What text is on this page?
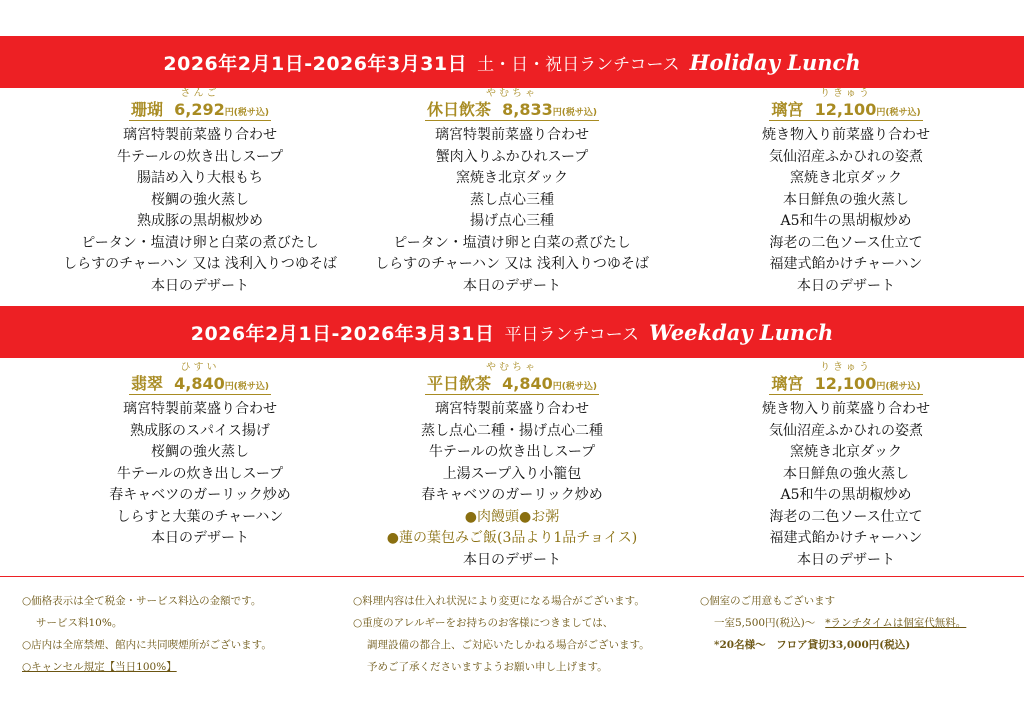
2026年2月1日-2026年3月31日 土・日・祝日ランチコース Holiday Lunch
さんご
珊瑚 6,292円(税サ込)
璃宮特製前菜盛り合わせ
牛テールの炊き出しスープ
腸詰め入り大根もち
桜鯛の強火蒸し
熟成豚の黒胡椒炒め
ピータン・塩漬け卵と白菜の煮びたし
しらすのチャーハン 又は 浅利入りつゆそば
本日のデザート
やむちゃ
休日飲茶 8,833円(税サ込)
璃宮特製前菜盛り合わせ
蟹肉入りふかひれスープ
窯焼き北京ダック
蒸し点心三種
揚げ点心三種
ピータン・塩漬け卵と白菜の煮びたし
しらすのチャーハン 又は 浅利入りつゆそば
本日のデザート
りきゅう
璃宮 12,100円(税サ込)
焼き物入り前菜盛り合わせ
気仙沼産ふかひれの姿煮
窯焼き北京ダック
本日鮮魚の強火蒸し
A5和牛の黒胡椒炒め
海老の二色ソース仕立て
福建式餡かけチャーハン
本日のデザート
2026年2月1日-2026年3月31日 平日ランチコース Weekday Lunch
ひすい
翡翠 4,840円(税サ込)
璃宮特製前菜盛り合わせ
熟成豚のスパイス揚げ
桜鯛の強火蒸し
牛テールの炊き出しスープ
春キャベツのガーリック炒め
しらすと大葉のチャーハン
本日のデザート
やむちゃ
平日飲茶 4,840円(税サ込)
璃宮特製前菜盛り合わせ
蒸し点心二種・揚げ点心二種
牛テールの炊き出しスープ
上湯スープ入り小籠包
春キャベツのガーリック炒め
●肉饅頭●お粥
●蓮の葉包みご飯(3品より1品チョイス)
本日のデザート
りきゅう
璃宮 12,100円(税サ込)
焼き物入り前菜盛り合わせ
気仙沼産ふかひれの姿煮
窯焼き北京ダック
本日鮮魚の強火蒸し
A5和牛の黒胡椒炒め
海老の二色ソース仕立て
福建式餡かけチャーハン
本日のデザート
○価格表示は全て税金・サービス料込の金額です。
サービス料10%。
○店内は全席禁煙、館内に共同喫煙所がございます。
○キャンセル規定【当日100%】
○料理内容は仕入れ状況により変更になる場合がございます。
○重度のアレルギーをお持ちのお客様につきましては、
調理設備の都合上、ご対応いたしかねる場合がございます。
予めご了承くださいますようお願い申し上げます。
○個室のご用意もございます
一室5,500円(税込)〜 *ランチタイムは個室代無料。
*20名様〜　フロア貸切33,000円(税込)
